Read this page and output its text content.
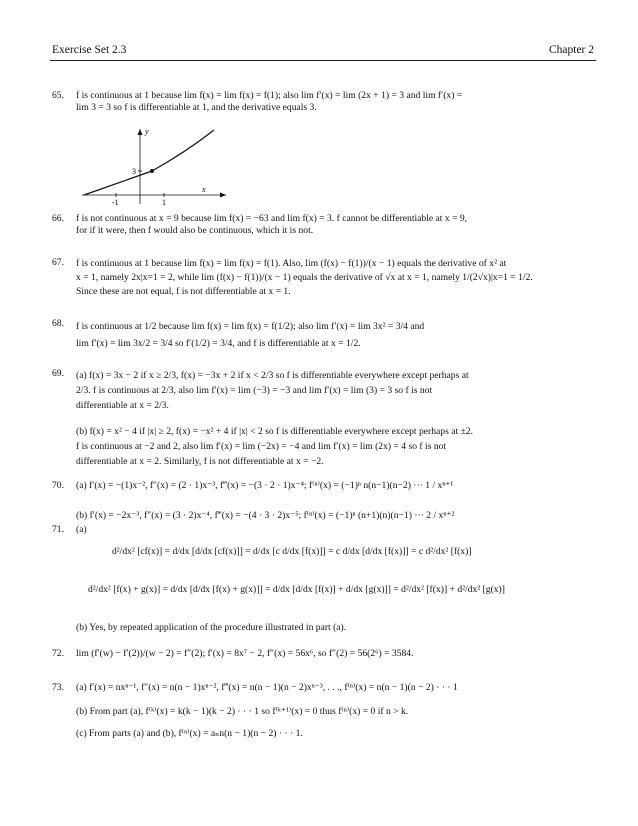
Exercise Set 2.3	Chapter 2
65. f is continuous at 1 because lim f(x) = lim f(x) = f(1); also lim f′(x) = lim (2x + 1) = 3 and lim f′(x) =
lim 3 = 3 so f is differentiable at 1, and the derivative equals 3.
y
x
3
-1	1
66. f is not continuous at x = 9 because lim f(x) = −63 and lim f(x) = 3. f cannot be differentiable at x = 9,
for if it were, then f would also be continuous, which it is not.
67. f is continuous at 1 because lim f(x) = lim f(x) = f(1). Also, lim (f(x) − f(1))/(x − 1) equals the derivative of x² at
x = 1, namely 2x|x=1 = 2, while lim (f(x) − f(1))/(x − 1) equals the derivative of √x at x = 1, namely 1/(2√x)|x=1 = 1/2.
Since these are not equal, f is not differentiable at x = 1.
68. f is continuous at 1/2 because lim f(x) = lim f(x) = f(1/2); also lim f′(x) = lim 3x² = 3/4 and
lim f′(x) = lim 3x/2 = 3/4 so f′(1/2) = 3/4, and f is differentiable at x = 1/2.
69. (a) f(x) = 3x − 2 if x ≥ 2/3, f(x) = −3x + 2 if x < 2/3 so f is differentiable everywhere except perhaps at
2/3. f is continuous at 2/3, also lim f′(x) = lim (−3) = −3 and lim f′(x) = lim (3) = 3 so f is not
differentiable at x = 2/3.
(b) f(x) = x² − 4 if |x| ≥ 2, f(x) = −x² + 4 if |x| < 2 so f is differentiable everywhere except perhaps at ±2.
f is continuous at −2 and 2, also lim f′(x) = lim (−2x) = −4 and lim f′(x) = lim (2x) = 4 so f is not
differentiable at x = 2. Similarly, f is not differentiable at x = −2.
70. (a) f′(x) = −(1)x⁻², f″(x) = (2 · 1)x⁻³, f‴(x) = −(3 · 2 · 1)x⁻⁴; f⁽ⁿ⁾(x) = (−1)ⁿ n(n−1)(n−2) ··· 1 / xⁿ⁺¹
(b) f′(x) = −2x⁻³, f″(x) = (3 · 2)x⁻⁴, f‴(x) = −(4 · 3 · 2)x⁻⁵; f⁽ⁿ⁾(x) = (−1)ⁿ (n+1)(n)(n−1) ··· 2 / xⁿ⁺²
71. (a)
d²/dx² [cf(x)] = d/dx [d/dx [cf(x)]] = d/dx [c d/dx [f(x)]] = c d/dx [d/dx [f(x)]] = c d²/dx² [f(x)]
d²/dx² [f(x) + g(x)] = d/dx [d/dx [f(x) + g(x)]] = d/dx [d/dx [f(x)] + d/dx [g(x)]] = d²/dx² [f(x)] + d²/dx² [g(x)]
(b) Yes, by repeated application of the procedure illustrated in part (a).
72. lim (f′(w) − f′(2))/(w − 2) = f″(2); f′(x) = 8x⁷ − 2, f″(x) = 56x⁶, so f″(2) = 56(2⁶) = 3584.
73. (a) f′(x) = nxⁿ⁻¹, f″(x) = n(n − 1)xⁿ⁻², f‴(x) = n(n − 1)(n − 2)xⁿ⁻³, . . ., f⁽ⁿ⁾(x) = n(n − 1)(n − 2) · · · 1
(b) From part (a), f⁽ᵏ⁾(x) = k(k − 1)(k − 2) · · · 1 so f⁽ᵏ⁺¹⁾(x) = 0 thus f⁽ⁿ⁾(x) = 0 if n > k.
(c) From parts (a) and (b), f⁽ⁿ⁾(x) = aₙn(n − 1)(n − 2) · · · 1.
